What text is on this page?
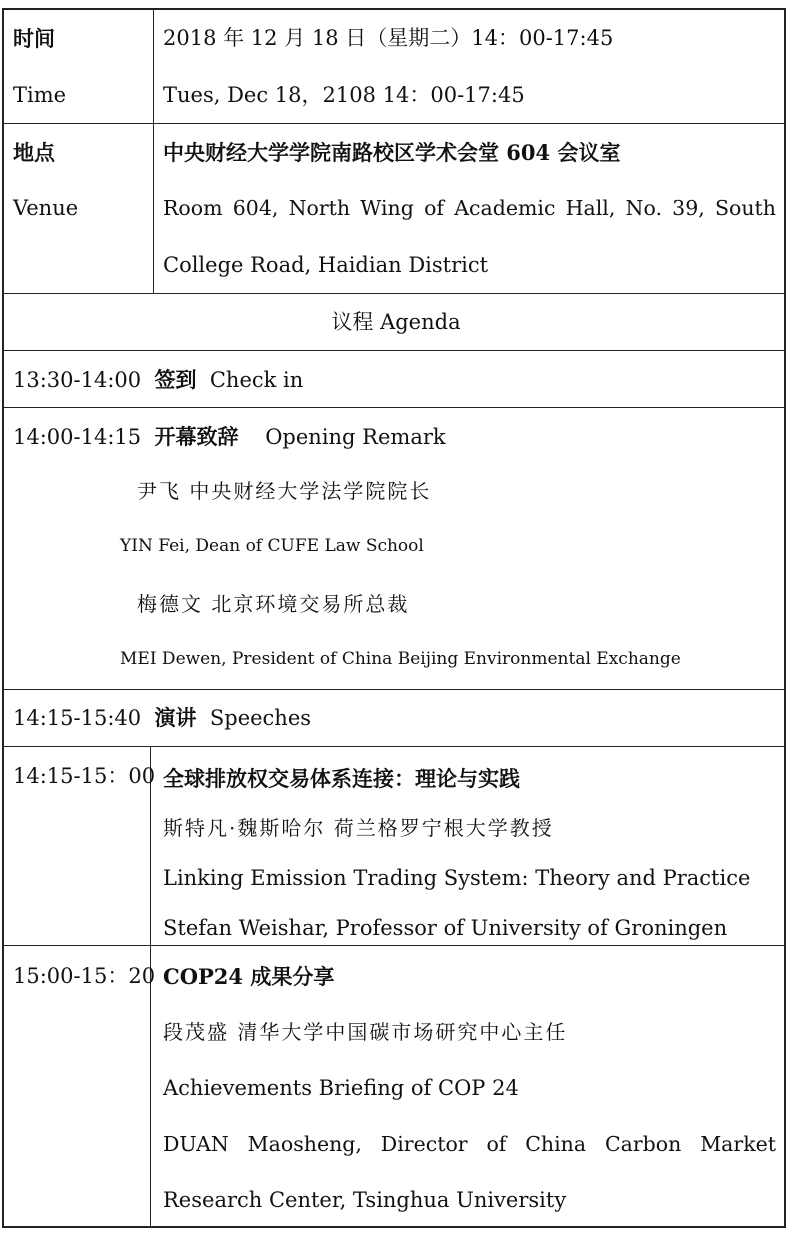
时间
Time
2018 年 12 月 18 日（星期二）14：00-17:45
Tues, Dec 18，2108 14：00-17:45
地点
Venue
中央财经大学学院南路校区学术会堂 604 会议室
Room 604, North Wing of Academic Hall, No. 39, South
College Road, Haidian District
议程 Agenda
13:30-14:00 签到 Check in
14:00-14:15 开幕致辞 Opening Remark
尹飞 中央财经大学法学院院长
YIN Fei, Dean of CUFE Law School
梅德文 北京环境交易所总裁
MEI Dewen, President of China Beijing Environmental Exchange
14:15-15:40 演讲 Speeches
14:15-15：00 全球排放权交易体系连接：理论与实践
斯特凡·魏斯哈尔 荷兰格罗宁根大学教授
Linking Emission Trading System: Theory and Practice
Stefan Weishar, Professor of University of Groningen
15:00-15：20 COP24 成果分享
段茂盛 清华大学中国碳市场研究中心主任
Achievements Briefing of COP 24
DUAN Maosheng, Director of China Carbon Market
Research Center, Tsinghua University
